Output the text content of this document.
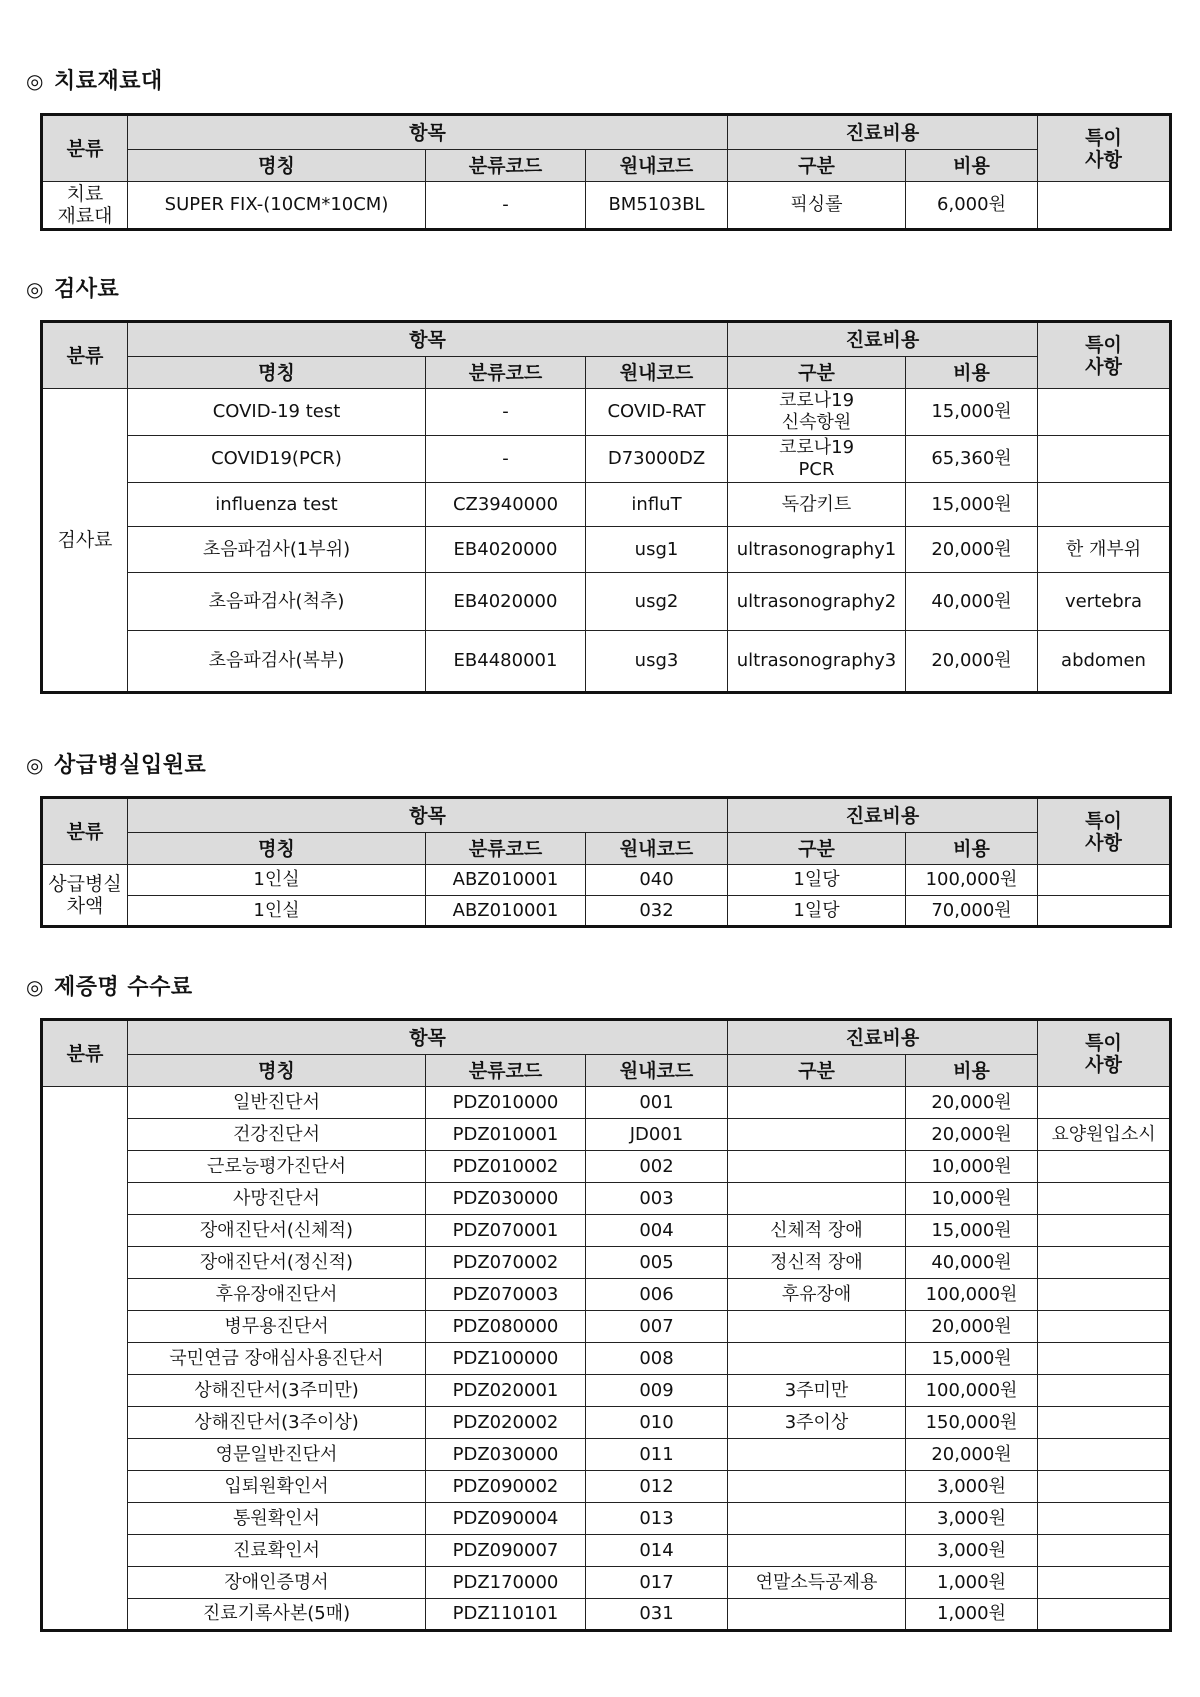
◎ 치료재료대
분류	항목			진료비용		특이
사항
	명칭	분류코드	원내코드	구분	비용	
치료
재료대	SUPER FIX-(10CM*10CM)	-	BM5103BL	픽싱롤	6,000원	
◎ 검사료
분류	항목			진료비용		특이
사항
	명칭	분류코드	원내코드	구분	비용	
검사료	COVID-19 test	-	COVID-RAT	코로나19
신속항원	15,000원	
	COVID19(PCR)	-	D73000DZ	코로나19
PCR	65,360원	
	influenza test	CZ3940000	influT	독감키트	15,000원	
	초음파검사(1부위)	EB4020000	usg1	ultrasonography1	20,000원	한 개부위
	초음파검사(척추)	EB4020000	usg2	ultrasonography2	40,000원	vertebra
	초음파검사(복부)	EB4480001	usg3	ultrasonography3	20,000원	abdomen
◎ 상급병실입원료
분류	항목			진료비용		특이
사항
	명칭	분류코드	원내코드	구분	비용	
상급병실
차액	1인실	ABZ010001	040	1일당	100,000원	
	1인실	ABZ010001	032	1일당	70,000원	
◎ 제증명 수수료
분류	항목			진료비용		특이
사항
	명칭	분류코드	원내코드	구분	비용	
	일반진단서	PDZ010000	001		20,000원	
	건강진단서	PDZ010001	JD001		20,000원	요양원입소시
	근로능평가진단서	PDZ010002	002		10,000원	
	사망진단서	PDZ030000	003		10,000원	
	장애진단서(신체적)	PDZ070001	004	신체적 장애	15,000원	
	장애진단서(정신적)	PDZ070002	005	정신적 장애	40,000원	
	후유장애진단서	PDZ070003	006	후유장애	100,000원	
	병무용진단서	PDZ080000	007		20,000원	
	국민연금 장애심사용진단서	PDZ100000	008		15,000원	
	상해진단서(3주미만)	PDZ020001	009	3주미만	100,000원	
	상해진단서(3주이상)	PDZ020002	010	3주이상	150,000원	
	영문일반진단서	PDZ030000	011		20,000원	
	입퇴원확인서	PDZ090002	012		3,000원	
	통원확인서	PDZ090004	013		3,000원	
	진료확인서	PDZ090007	014		3,000원	
	장애인증명서	PDZ170000	017	연말소득공제용	1,000원	
	진료기록사본(5매)	PDZ110101	031		1,000원	
